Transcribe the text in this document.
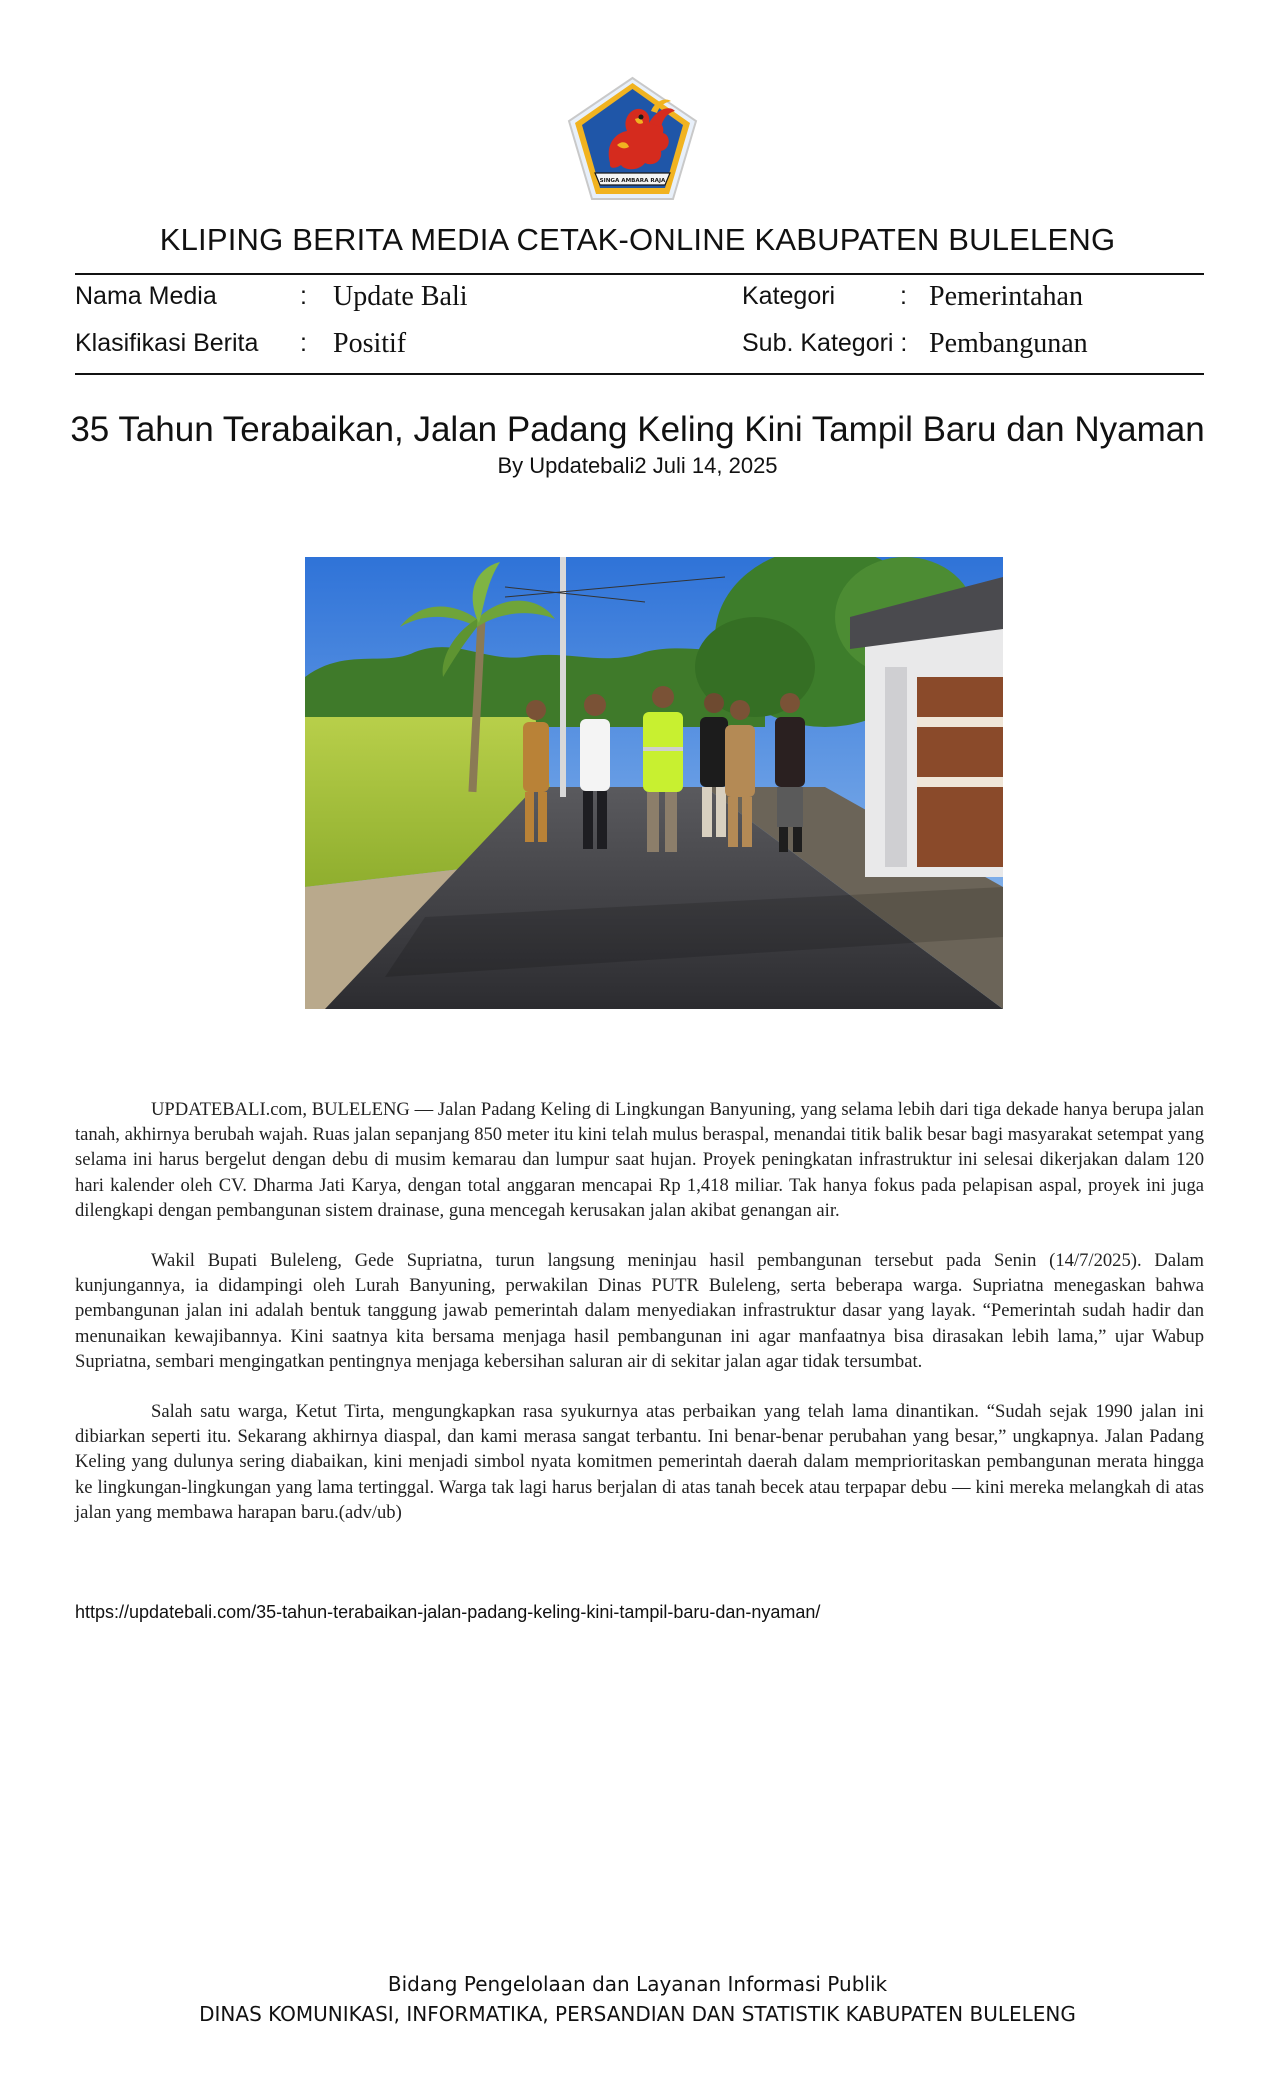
SINGA AMBARA RAJA
KLIPING BERITA MEDIA CETAK-ONLINE KABUPATEN BULELENG
Nama Media	: Update Bali	Kategori	: Pemerintahan
Klasifikasi Berita : Positif	Sub. Kategori : Pembangunan
35 Tahun Terabaikan, Jalan Padang Keling Kini Tampil Baru dan Nyaman
By Updatebali2 Juli 14, 2025

UPDATEBALI.com, BULELENG — Jalan Padang Keling di Lingkungan Banyuning, yang selama lebih dari tiga dekade hanya berupa jalan tanah, akhirnya berubah wajah. Ruas jalan sepanjang 850 meter itu kini telah mulus beraspal, menandai titik balik besar bagi masyarakat setempat yang selama ini harus bergelut dengan debu di musim kemarau dan lumpur saat hujan. Proyek peningkatan infrastruktur ini selesai dikerjakan dalam 120 hari kalender oleh CV. Dharma Jati Karya, dengan total anggaran mencapai Rp 1,418 miliar. Tak hanya fokus pada pelapisan aspal, proyek ini juga dilengkapi dengan pembangunan sistem drainase, guna mencegah kerusakan jalan akibat genangan air.

Wakil Bupati Buleleng, Gede Supriatna, turun langsung meninjau hasil pembangunan tersebut pada Senin (14/7/2025). Dalam kunjungannya, ia didampingi oleh Lurah Banyuning, perwakilan Dinas PUTR Buleleng, serta beberapa warga. Supriatna menegaskan bahwa pembangunan jalan ini adalah bentuk tanggung jawab pemerintah dalam menyediakan infrastruktur dasar yang layak. “Pemerintah sudah hadir dan menunaikan kewajibannya. Kini saatnya kita bersama menjaga hasil pembangunan ini agar manfaatnya bisa dirasakan lebih lama,” ujar Wabup Supriatna, sembari mengingatkan pentingnya menjaga kebersihan saluran air di sekitar jalan agar tidak tersumbat.

Salah satu warga, Ketut Tirta, mengungkapkan rasa syukurnya atas perbaikan yang telah lama dinantikan. “Sudah sejak 1990 jalan ini dibiarkan seperti itu. Sekarang akhirnya diaspal, dan kami merasa sangat terbantu. Ini benar-benar perubahan yang besar,” ungkapnya. Jalan Padang Keling yang dulunya sering diabaikan, kini menjadi simbol nyata komitmen pemerintah daerah dalam memprioritaskan pembangunan merata hingga ke lingkungan-lingkungan yang lama tertinggal. Warga tak lagi harus berjalan di atas tanah becek atau terpapar debu — kini mereka melangkah di atas jalan yang membawa harapan baru.(adv/ub)

https://updatebali.com/35-tahun-terabaikan-jalan-padang-keling-kini-tampil-baru-dan-nyaman/
Bidang Pengelolaan dan Layanan Informasi Publik
DINAS KOMUNIKASI, INFORMATIKA, PERSANDIAN DAN STATISTIK KABUPATEN BULELENG
